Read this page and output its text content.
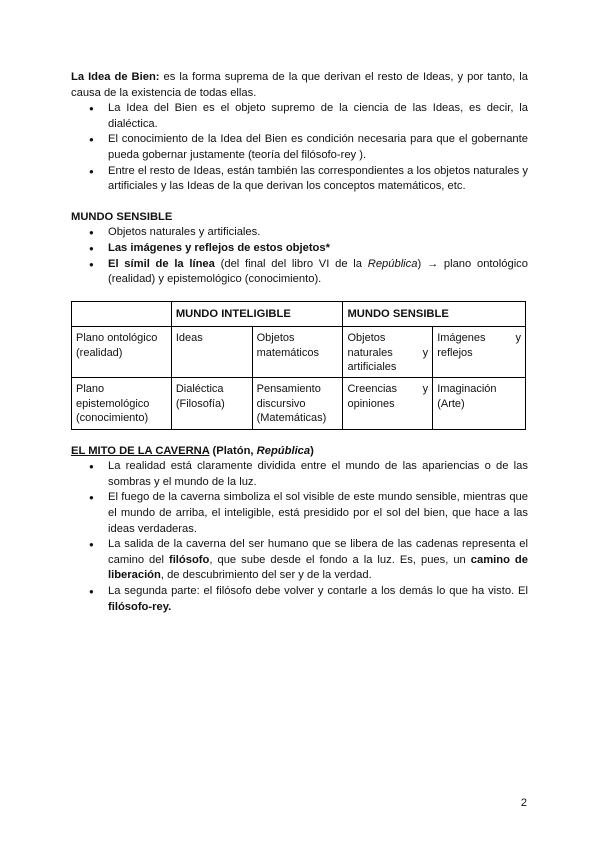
La Idea de Bien: es la forma suprema de la que derivan el resto de Ideas, y por tanto, la causa de la existencia de todas ellas.

● La Idea del Bien es el objeto supremo de la ciencia de las Ideas, es decir, la dialéctica.
● El conocimiento de la Idea del Bien es condición necesaria para que el gobernante pueda gobernar justamente (teoría del filósofo-rey ).
● Entre el resto de Ideas, están también las correspondientes a los objetos naturales y artificiales y las Ideas de la que derivan los conceptos matemáticos, etc.

MUNDO SENSIBLE

● Objetos naturales y artificiales.
● Las imágenes y reflejos de estos objetos*
● El símil de la línea (del final del libro VI de la República) → plano ontológico (realidad) y epistemológico (conocimiento).
	MUNDO INTELIGIBLE		MUNDO SENSIBLE	
Plano ontológico (realidad)	Ideas	Objetos matemáticos	Objetos naturales y artificiales	Imágenes y reflejos
Plano epistemológico (conocimiento)	Dialéctica (Filosofía)	Pensamiento discursivo (Matemáticas)	Creencias y opiniones	Imaginación (Arte)

EL MITO DE LA CAVERNA (Platón, República)

● La realidad está claramente dividida entre el mundo de las apariencias o de las sombras y el mundo de la luz.
● El fuego de la caverna simboliza el sol visible de este mundo sensible, mientras que el mundo de arriba, el inteligible, está presidido por el sol del bien, que hace a las ideas verdaderas.
● La salida de la caverna del ser humano que se libera de las cadenas representa el camino del filósofo, que sube desde el fondo a la luz. Es, pues, un camino de liberación, de descubrimiento del ser y de la verdad.
● La segunda parte: el filósofo debe volver y contarle a los demás lo que ha visto. El filósofo-rey.
2
